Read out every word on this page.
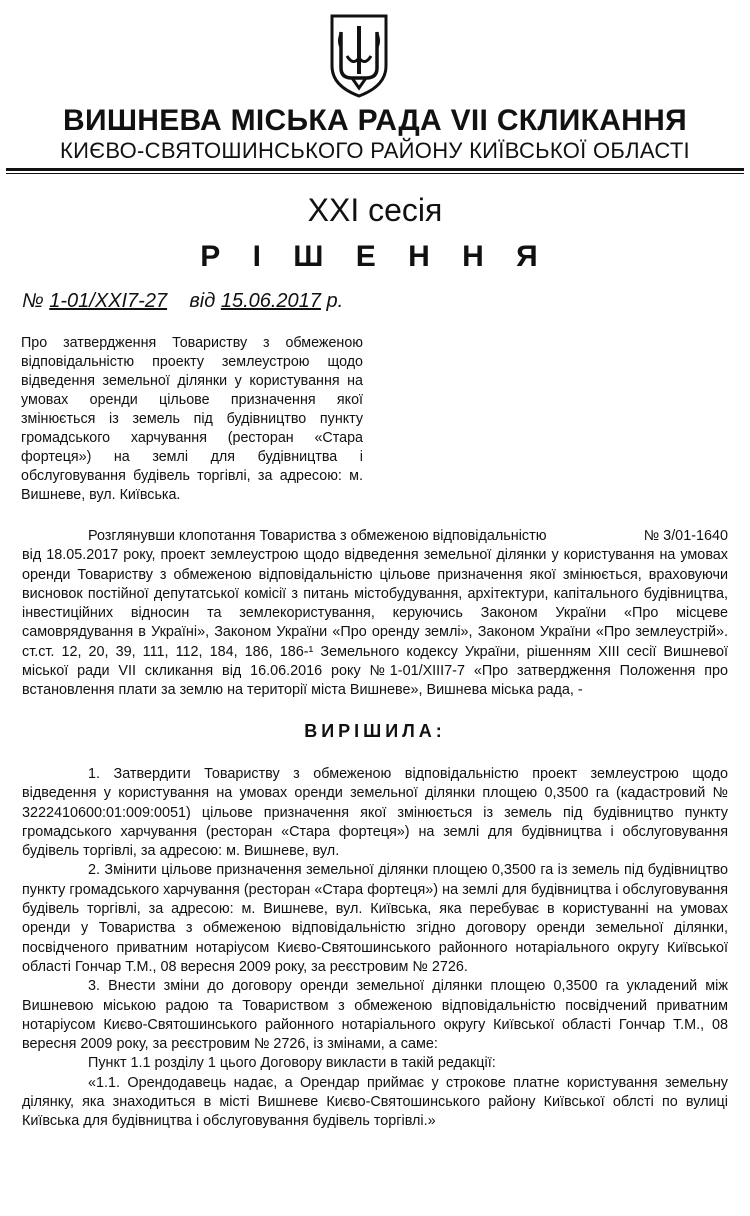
ВИШНЕВА МІСЬКА РАДА VII СКЛИКАННЯ
КИЄВО-СВЯТОШИНСЬКОГО РАЙОНУ КИЇВСЬКОЇ ОБЛАСТІ
XXI сесія
Р І Ш Е Н Н Я
№ 1-01/XXI7-27 від 15.06.2017 р.
Про затвердження Товариству з обмеженою відповідальністю проекту землеустрою щодо відведення земельної ділянки у користування на умовах оренди цільове призначення якої змінюється із земель під будівництво пункту громадського харчування (ресторан «Стара фортеця») на землі для будівництва і обслуговування будівель торгівлі, за адресою: м. Вишневе, вул. Київська.

Розглянувши клопотання Товариства з обмеженою відповідальністю	№ 3/01-1640

від 18.05.2017 року, проект землеустрою щодо відведення земельної ділянки у користування на умовах оренди Товариству з обмеженою відповідальністю цільове призначення якої змінюється, враховуючи висновок постійної депутатської комісії з питань містобудування, архітектури, капітального будівництва, інвестиційних відносин та землекористування, керуючись Законом України «Про місцеве самоврядування в Україні», Законом України «Про оренду землі», Законом України «Про землеустрій». ст.ст. 12, 20, 39, 111, 112, 184, 186, 186-¹ Земельного кодексу України, рішенням XIII сесії Вишневої міської ради VII скликання від 16.06.2016 року №1-01/XIII7-7 «Про затвердження Положення про встановлення плати за землю на території міста Вишневе», Вишнева міська рада, -

ВИРІШИЛА:

1. Затвердити Товариству з обмеженою відповідальністю проект землеустрою щодо відведення у користування на умовах оренди земельної ділянки площею 0,3500 га (кадастровий № 3222410600:01:009:0051) цільове призначення якої змінюється із земель під будівництво пункту громадського харчування (ресторан «Стара фортеця») на землі для будівництва і обслуговування будівель торгівлі, за адресою: м. Вишневе, вул.

2. Змінити цільове призначення земельної ділянки площею 0,3500 га із земель під будівництво пункту громадського харчування (ресторан «Стара фортеця») на землі для будівництва і обслуговування будівель торгівлі, за адресою: м. Вишневе, вул. Київська, яка перебуває в користуванні на умовах оренди у Товариства з обмеженою відповідальністю згідно договору оренди земельної ділянки, посвідченого приватним нотаріусом Києво-Святошинського районного нотаріального округу Київської області Гончар Т.М., 08 вересня 2009 року, за реєстровим № 2726.

3. Внести зміни до договору оренди земельної ділянки площею 0,3500 га укладений між Вишневою міською радою та Товариством з обмеженою відповідальністю посвідчений приватним нотаріусом Києво-Святошинського районного нотаріального округу Київської області Гончар Т.М., 08 вересня 2009 року, за реєстровим № 2726, із змінами, а саме:

Пункт 1.1 розділу 1 цього Договору викласти в такій редакції:

«1.1. Орендодавець надає, а Орендар приймає у строкове платне користування земельну ділянку, яка знаходиться в місті Вишневе Києво-Святошинського району Київської облсті по вулиці Київська для будівництва і обслуговування будівель торгівлі.»
